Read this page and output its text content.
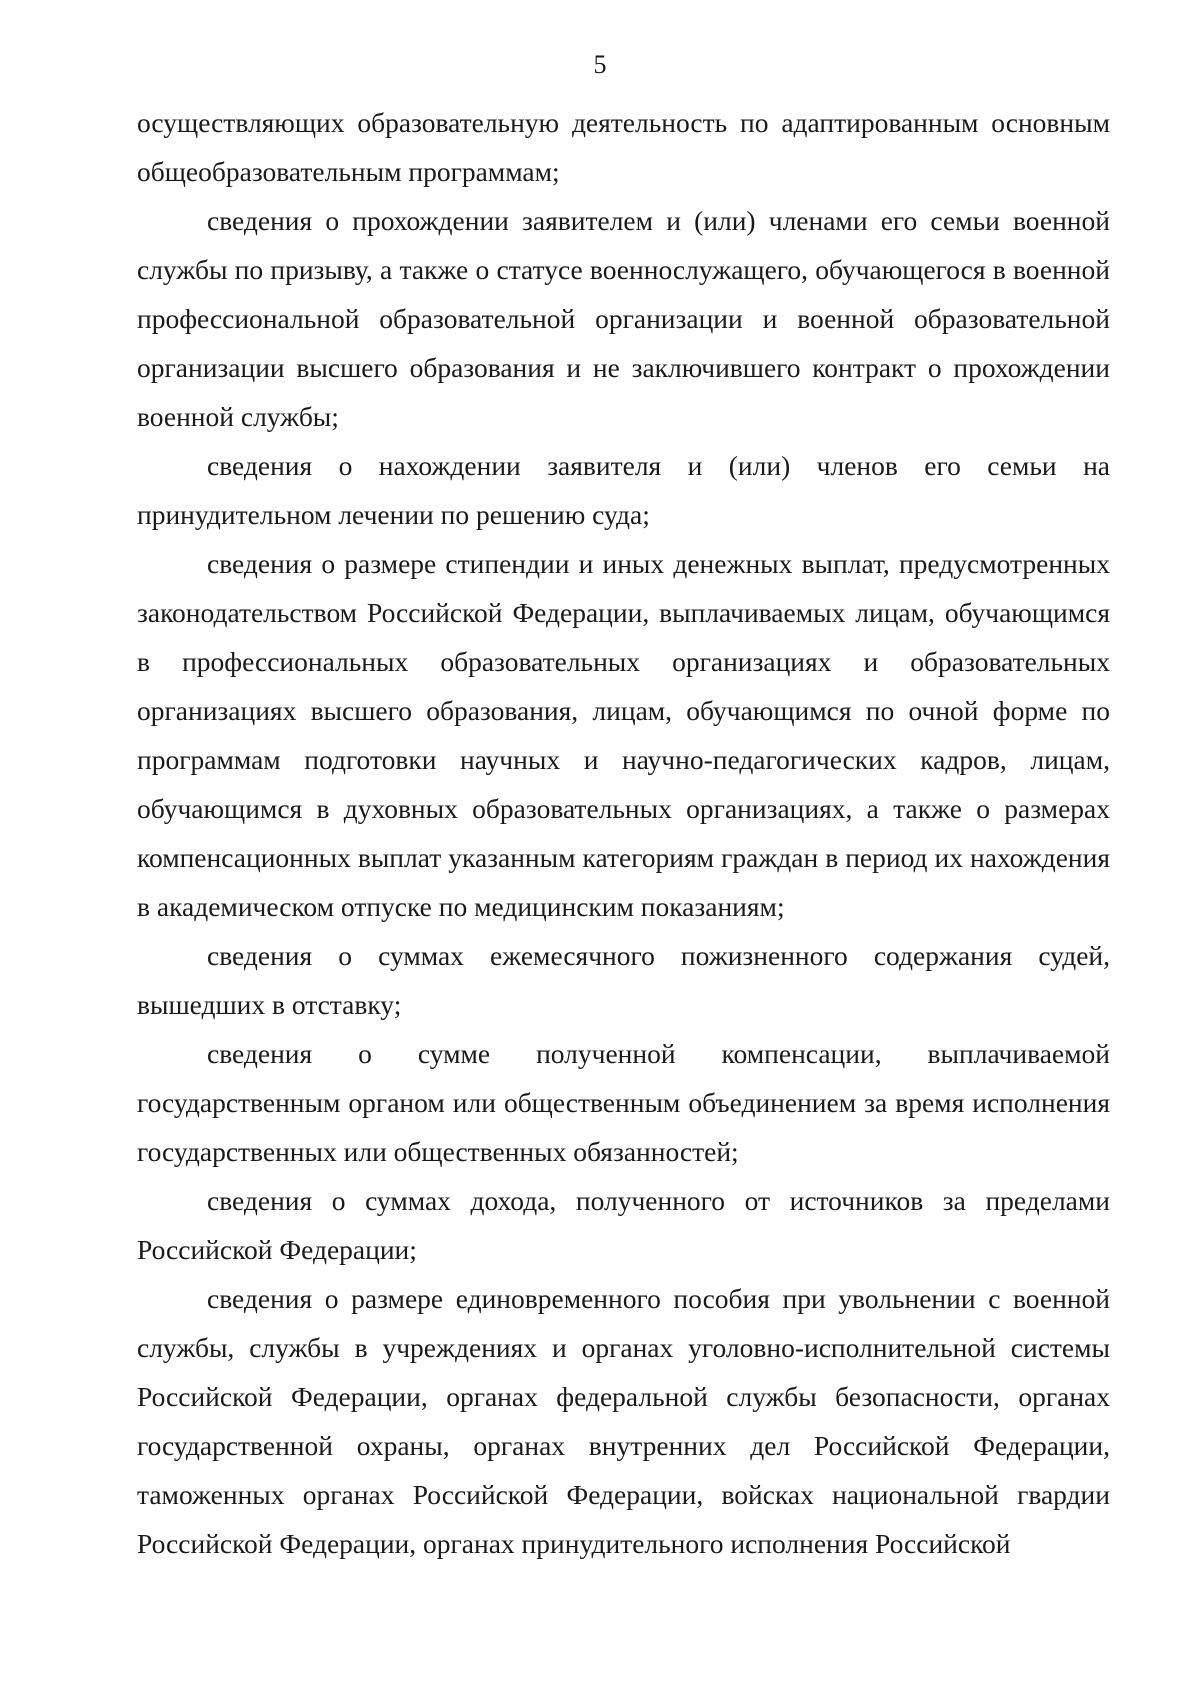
5

осуществляющих образовательную деятельность по адаптированным основным общеобразовательным программам;

сведения о прохождении заявителем и (или) членами его семьи военной службы по призыву, а также о статусе военнослужащего, обучающегося в военной профессиональной образовательной организации и военной образовательной организации высшего образования и не заключившего контракт о прохождении военной службы;

сведения о нахождении заявителя и (или) членов его семьи на принудительном лечении по решению суда;

сведения о размере стипендии и иных денежных выплат, предусмотренных законодательством Российской Федерации, выплачиваемых лицам, обучающимся в профессиональных образовательных организациях и образовательных организациях высшего образования, лицам, обучающимся по очной форме по программам подготовки научных и научно-педагогических кадров, лицам, обучающимся в духовных образовательных организациях, а также о размерах компенсационных выплат указанным категориям граждан в период их нахождения в академическом отпуске по медицинским показаниям;

сведения о суммах ежемесячного пожизненного содержания судей, вышедших в отставку;

сведения о сумме полученной компенсации, выплачиваемой государственным органом или общественным объединением за время исполнения государственных или общественных обязанностей;

сведения о суммах дохода, полученного от источников за пределами Российской Федерации;

сведения о размере единовременного пособия при увольнении с военной службы, службы в учреждениях и органах уголовно-исполнительной системы Российской Федерации, органах федеральной службы безопасности, органах государственной охраны, органах внутренних дел Российской Федерации, таможенных органах Российской Федерации, войсках национальной гвардии Российской Федерации, органах принудительного исполнения Российской
